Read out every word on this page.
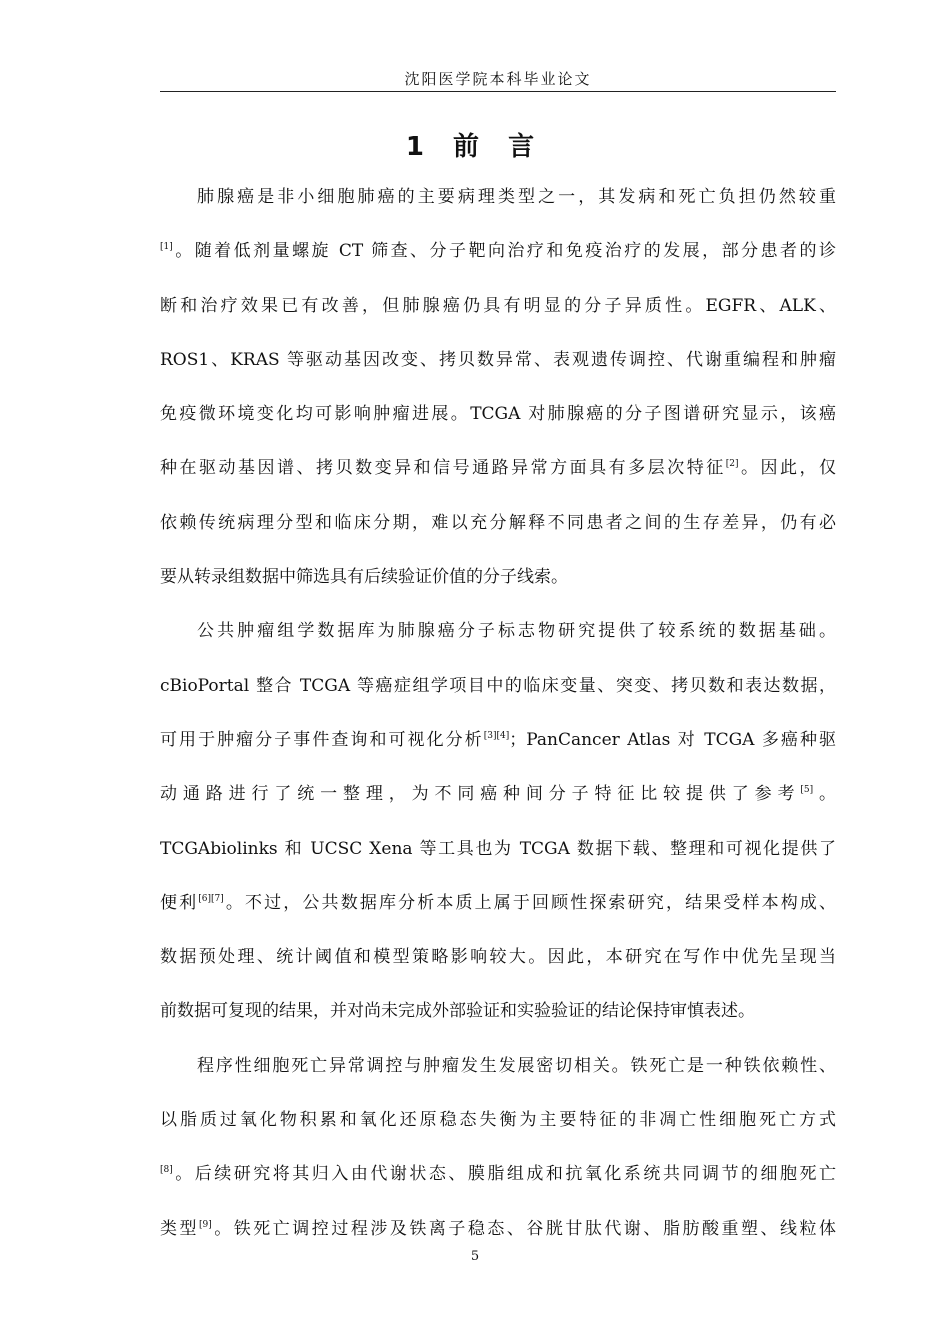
沈阳医学院本科毕业论文
1 前 言
肺腺癌是非小细胞肺癌的主要病理类型之一，其发病和死亡负担仍然较重
[1]。随着低剂量螺旋 CT 筛查、分子靶向治疗和免疫治疗的发展，部分患者的诊
断和治疗效果已有改善，但肺腺癌仍具有明显的分子异质性。EGFR、ALK、
ROS1、KRAS 等驱动基因改变、拷贝数异常、表观遗传调控、代谢重编程和肿瘤
免疫微环境变化均可影响肿瘤进展。TCGA 对肺腺癌的分子图谱研究显示，该癌
种在驱动基因谱、拷贝数变异和信号通路异常方面具有多层次特征[2]。因此，仅
依赖传统病理分型和临床分期，难以充分解释不同患者之间的生存差异，仍有必
要从转录组数据中筛选具有后续验证价值的分子线索。
公共肿瘤组学数据库为肺腺癌分子标志物研究提供了较系统的数据基础。
cBioPortal 整合 TCGA 等癌症组学项目中的临床变量、突变、拷贝数和表达数据，
可用于肿瘤分子事件查询和可视化分析[3][4]；PanCancer Atlas 对 TCGA 多癌种驱
动通路进行了统一整理，为不同癌种间分子特征比较提供了参考[5]。
TCGAbiolinks 和 UCSC Xena 等工具也为 TCGA 数据下载、整理和可视化提供了
便利[6][7]。不过，公共数据库分析本质上属于回顾性探索研究，结果受样本构成、
数据预处理、统计阈值和模型策略影响较大。因此，本研究在写作中优先呈现当
前数据可复现的结果，并对尚未完成外部验证和实验验证的结论保持审慎表述。
程序性细胞死亡异常调控与肿瘤发生发展密切相关。铁死亡是一种铁依赖性、
以脂质过氧化物积累和氧化还原稳态失衡为主要特征的非凋亡性细胞死亡方式
[8]。后续研究将其归入由代谢状态、膜脂组成和抗氧化系统共同调节的细胞死亡
类型[9]。铁死亡调控过程涉及铁离子稳态、谷胱甘肽代谢、脂肪酸重塑、线粒体
5
